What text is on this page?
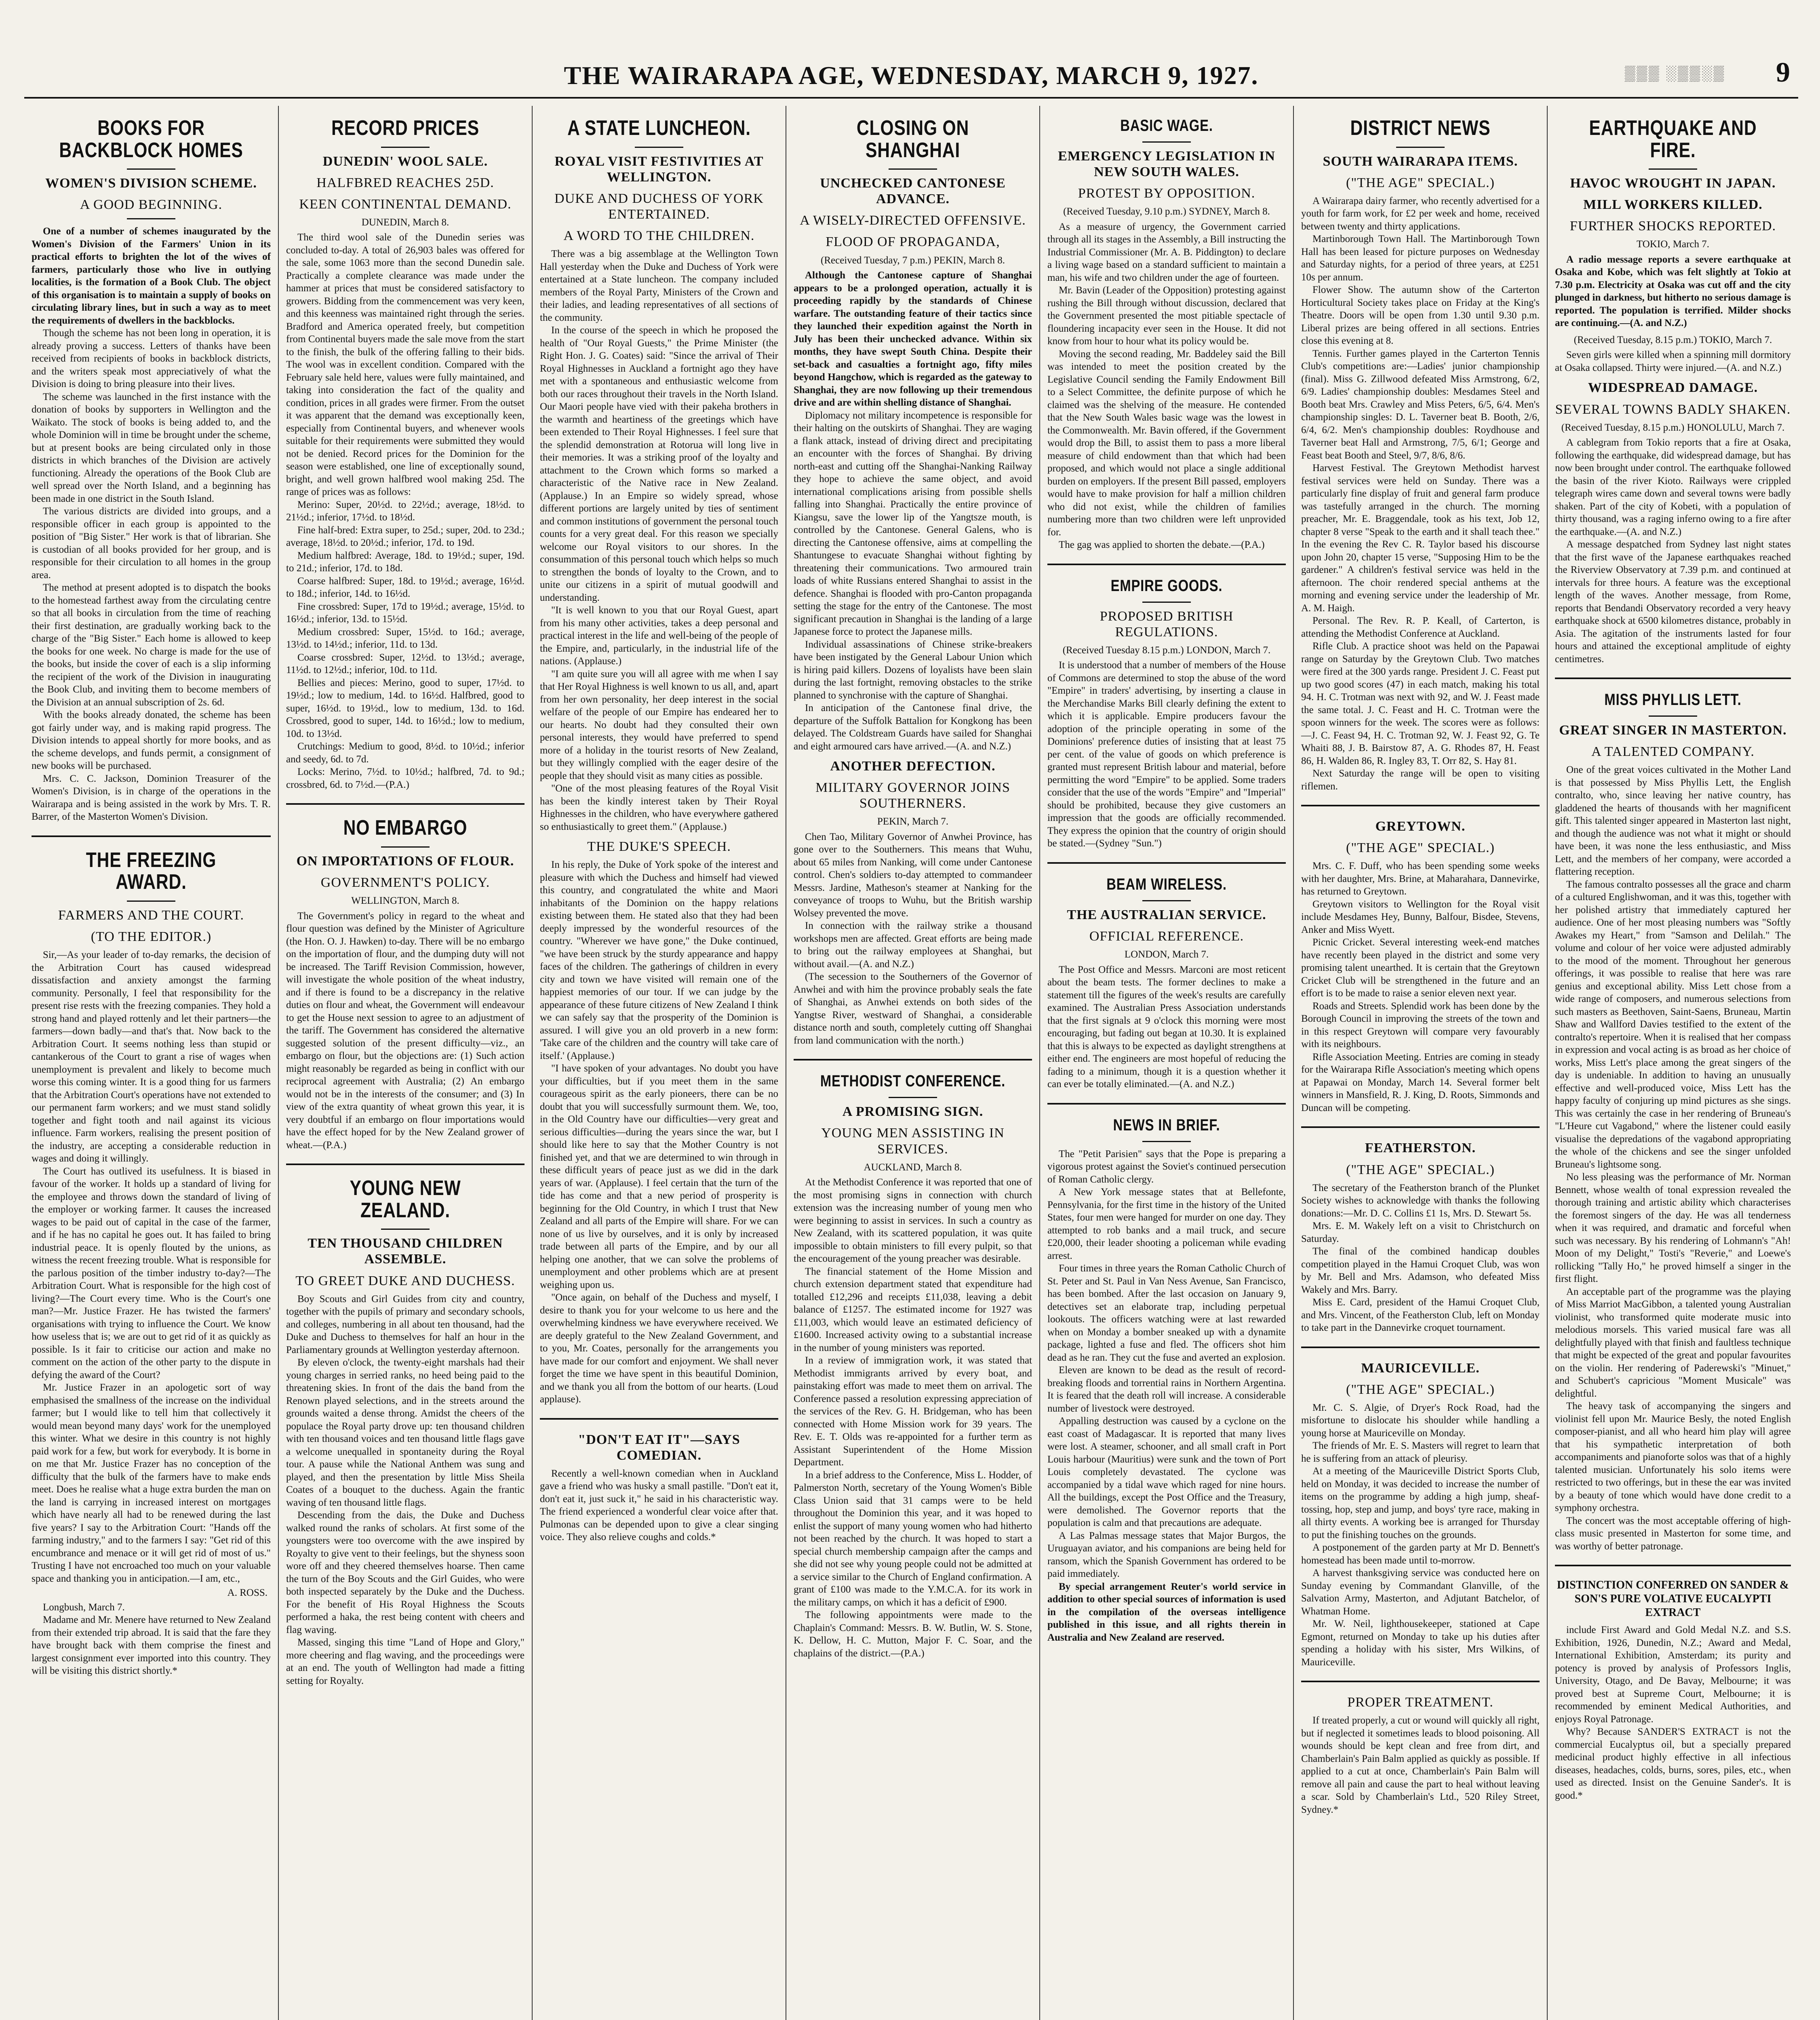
THE WAIRARAPA AGE, WEDNESDAY, MARCH 9, 1927.	▒▒▒ ░▒▒░▒ 9
BOOKS FOR BACKBLOCK HOMES
WOMEN'S DIVISION SCHEME.
A GOOD BEGINNING.

One of a number of schemes inaugurated by the Women's Division of the Farmers' Union in its practical efforts to brighten the lot of the wives of farmers, particularly those who live in outlying localities, is the formation of a Book Club. The object of this organisation is to maintain a supply of books on circulating library lines, but in such a way as to meet the requirements of dwellers in the backblocks.

Though the scheme has not been long in operation, it is already proving a success. Letters of thanks have been received from recipients of books in backblock districts, and the writers speak most appreciatively of what the Division is doing to bring pleasure into their lives.

The scheme was launched in the first instance with the donation of books by supporters in Wellington and the Waikato. The stock of books is being added to, and the whole Dominion will in time be brought under the scheme, but at present books are being circulated only in those districts in which branches of the Division are actively functioning. Already the operations of the Book Club are well spread over the North Island, and a beginning has been made in one district in the South Island.

The various districts are divided into groups, and a responsible officer in each group is appointed to the position of "Big Sister." Her work is that of librarian. She is custodian of all books provided for her group, and is responsible for their circulation to all homes in the group area.

The method at present adopted is to dispatch the books to the homestead farthest away from the circulating centre so that all books in circulation from the time of reaching their first destination, are gradually working back to the charge of the "Big Sister." Each home is allowed to keep the books for one week. No charge is made for the use of the books, but inside the cover of each is a slip informing the recipient of the work of the Division in inaugurating the Book Club, and inviting them to become members of the Division at an annual subscription of 2s. 6d.

With the books already donated, the scheme has been got fairly under way, and is making rapid progress. The Division intends to appeal shortly for more books, and as the scheme develops, and funds permit, a consignment of new books will be purchased.

Mrs. C. C. Jackson, Dominion Treasurer of the Women's Division, is in charge of the operations in the Wairarapa and is being assisted in the work by Mrs. T. R. Barrer, of the Masterton Women's Division.

THE FREEZING AWARD.
FARMERS AND THE COURT.
(TO THE EDITOR.)

Sir,—As your leader of to-day remarks, the decision of the Arbitration Court has caused widespread dissatisfaction and anxiety amongst the farming community. Personally, I feel that responsibility for the present rise rests with the freezing companies. They hold a strong hand and played rottenly and let their partners—the farmers—down badly—and that's that. Now back to the Arbitration Court. It seems nothing less than stupid or cantankerous of the Court to grant a rise of wages when unemployment is prevalent and likely to become much worse this coming winter. It is a good thing for us farmers that the Arbitration Court's operations have not extended to our permanent farm workers; and we must stand solidly together and fight tooth and nail against its vicious influence. Farm workers, realising the present position of the industry, are accepting a considerable reduction in wages and doing it willingly.

The Court has outlived its usefulness. It is biased in favour of the worker. It holds up a standard of living for the employee and throws down the standard of living of the employer or working farmer. It causes the increased wages to be paid out of capital in the case of the farmer, and if he has no capital he goes out. It has failed to bring industrial peace. It is openly flouted by the unions, as witness the recent freezing trouble. What is responsible for the parlous position of the timber industry to-day?—The Arbitration Court. What is responsible for the high cost of living?—The Court every time. Who is the Court's one man?—Mr. Justice Frazer. He has twisted the farmers' organisations with trying to influence the Court. We know how useless that is; we are out to get rid of it as quickly as possible. Is it fair to criticise our action and make no comment on the action of the other party to the dispute in defying the award of the Court?

Mr. Justice Frazer in an apologetic sort of way emphasised the smallness of the increase on the individual farmer; but I would like to tell him that collectively it would mean beyond many days' work for the unemployed this winter. What we desire in this country is not highly paid work for a few, but work for everybody. It is borne in on me that Mr. Justice Frazer has no conception of the difficulty that the bulk of the farmers have to make ends meet. Does he realise what a huge extra burden the man on the land is carrying in increased interest on mortgages which have nearly all had to be renewed during the last five years? I say to the Arbitration Court: "Hands off the farming industry," and to the farmers I say: "Get rid of this encumbrance and menace or it will get rid of most of us." Trusting I have not encroached too much on your valuable space and thanking you in anticipation.—I am, etc.,

A. ROSS.

Longbush, March 7.

Madame and Mr. Menere have returned to New Zealand from their extended trip abroad. It is said that the fare they have brought back with them comprise the finest and largest consignment ever imported into this country. They will be visiting this district shortly.*

RECORD PRICES
DUNEDIN' WOOL SALE.
HALFBRED REACHES 25D.
KEEN CONTINENTAL DEMAND.
DUNEDIN, March 8.

The third wool sale of the Dunedin series was concluded to-day. A total of 26,903 bales was offered for the sale, some 1063 more than the second Dunedin sale. Practically a complete clearance was made under the hammer at prices that must be considered satisfactory to growers. Bidding from the commencement was very keen, and this keenness was maintained right through the series. Bradford and America operated freely, but competition from Continental buyers made the sale move from the start to the finish, the bulk of the offering falling to their bids. The wool was in excellent condition. Compared with the February sale held here, values were fully maintained, and taking into consideration the fact of the quality and condition, prices in all grades were firmer. From the outset it was apparent that the demand was exceptionally keen, especially from Continental buyers, and whenever wools suitable for their requirements were submitted they would not be denied. Record prices for the Dominion for the season were established, one line of exceptionally sound, bright, and well grown halfbred wool making 25d. The range of prices was as follows:

Merino: Super, 20½d. to 22½d.; average, 18½d. to 21½d.; inferior, 17½d. to 18½d.

Fine half-bred: Extra super, to 25d.; super, 20d. to 23d.; average, 18½d. to 20½d.; inferior, 17d. to 19d.

Medium halfbred: Average, 18d. to 19½d.; super, 19d. to 21d.; inferior, 17d. to 18d.

Coarse halfbred: Super, 18d. to 19½d.; average, 16½d. to 18d.; inferior, 14d. to 16½d.

Fine crossbred: Super, 17d to 19½d.; average, 15½d. to 16½d.; inferior, 13d. to 15½d.

Medium crossbred: Super, 15½d. to 16d.; average, 13½d. to 14½d.; inferior, 11d. to 13d.

Coarse crossbred: Super, 12½d. to 13½d.; average, 11½d. to 12½d.; inferior, 10d. to 11d.

Bellies and pieces: Merino, good to super, 17½d. to 19½d.; low to medium, 14d. to 16½d. Halfbred, good to super, 16½d. to 19½d., low to medium, 13d. to 16d. Crossbred, good to super, 14d. to 16½d.; low to medium, 10d. to 13½d.

Crutchings: Medium to good, 8½d. to 10½d.; inferior and seedy, 6d. to 7d.

Locks: Merino, 7½d. to 10½d.; halfbred, 7d. to 9d.; crossbred, 6d. to 7½d.—(P.A.)

NO EMBARGO
ON IMPORTATIONS OF FLOUR.
GOVERNMENT'S POLICY.
WELLINGTON, March 8.

The Government's policy in regard to the wheat and flour question was defined by the Minister of Agriculture (the Hon. O. J. Hawken) to-day. There will be no embargo on the importation of flour, and the dumping duty will not be increased. The Tariff Revision Commission, however, will investigate the whole position of the wheat industry, and if there is found to be a discrepancy in the relative duties on flour and wheat, the Government will endeavour to get the House next session to agree to an adjustment of the tariff. The Government has considered the alternative suggested solution of the present difficulty—viz., an embargo on flour, but the objections are: (1) Such action might reasonably be regarded as being in conflict with our reciprocal agreement with Australia; (2) An embargo would not be in the interests of the consumer; and (3) In view of the extra quantity of wheat grown this year, it is very doubtful if an embargo on flour importations would have the effect hoped for by the New Zealand grower of wheat.—(P.A.)

YOUNG NEW ZEALAND.
TEN THOUSAND CHILDREN ASSEMBLE.
TO GREET DUKE AND DUCHESS.

Boy Scouts and Girl Guides from city and country, together with the pupils of primary and secondary schools, and colleges, numbering in all about ten thousand, had the Duke and Duchess to themselves for half an hour in the Parliamentary grounds at Wellington yesterday afternoon.

By eleven o'clock, the twenty-eight marshals had their young charges in serried ranks, no heed being paid to the threatening skies. In front of the dais the band from the Renown played selections, and in the streets around the grounds waited a dense throng. Amidst the cheers of the populace the Royal party drove up: ten thousand children with ten thousand voices and ten thousand little flags gave a welcome unequalled in spontaneity during the Royal tour. A pause while the National Anthem was sung and played, and then the presentation by little Miss Sheila Coates of a bouquet to the duchess. Again the frantic waving of ten thousand little flags.

Descending from the dais, the Duke and Duchess walked round the ranks of scholars. At first some of the youngsters were too overcome with the awe inspired by Royalty to give vent to their feelings, but the shyness soon wore off and they cheered themselves hoarse. Then came the turn of the Boy Scouts and the Girl Guides, who were both inspected separately by the Duke and the Duchess. For the benefit of His Royal Highness the Scouts performed a haka, the rest being content with cheers and flag waving.

Massed, singing this time "Land of Hope and Glory," more cheering and flag waving, and the proceedings were at an end. The youth of Wellington had made a fitting setting for Royalty.

A STATE LUNCHEON.
ROYAL VISIT FESTIVITIES AT WELLINGTON.
DUKE AND DUCHESS OF YORK ENTERTAINED.
A WORD TO THE CHILDREN.

There was a big assemblage at the Wellington Town Hall yesterday when the Duke and Duchess of York were entertained at a State luncheon. The company included members of the Royal Party, Ministers of the Crown and their ladies, and leading representatives of all sections of the community.

In the course of the speech in which he proposed the health of "Our Royal Guests," the Prime Minister (the Right Hon. J. G. Coates) said: "Since the arrival of Their Royal Highnesses in Auckland a fortnight ago they have met with a spontaneous and enthusiastic welcome from both our races throughout their travels in the North Island. Our Maori people have vied with their pakeha brothers in the warmth and heartiness of the greetings which have been extended to Their Royal Highnesses. I feel sure that the splendid demonstration at Rotorua will long live in their memories. It was a striking proof of the loyalty and attachment to the Crown which forms so marked a characteristic of the Native race in New Zealand. (Applause.) In an Empire so widely spread, whose different portions are largely united by ties of sentiment and common institutions of government the personal touch counts for a very great deal. For this reason we specially welcome our Royal visitors to our shores. In the consummation of this personal touch which helps so much to strengthen the bonds of loyalty to the Crown, and to unite our citizens in a spirit of mutual goodwill and understanding.

"It is well known to you that our Royal Guest, apart from his many other activities, takes a deep personal and practical interest in the life and well-being of the people of the Empire, and, particularly, in the industrial life of the nations. (Applause.)

"I am quite sure you will all agree with me when I say that Her Royal Highness is well known to us all, and, apart from her own personality, her deep interest in the social welfare of the people of our Empire has endeared her to our hearts. No doubt had they consulted their own personal interests, they would have preferred to spend more of a holiday in the tourist resorts of New Zealand, but they willingly complied with the eager desire of the people that they should visit as many cities as possible.

"One of the most pleasing features of the Royal Visit has been the kindly interest taken by Their Royal Highnesses in the children, who have everywhere gathered so enthusiastically to greet them." (Applause.)

THE DUKE'S SPEECH.

In his reply, the Duke of York spoke of the interest and pleasure with which the Duchess and himself had viewed this country, and congratulated the white and Maori inhabitants of the Dominion on the happy relations existing between them. He stated also that they had been deeply impressed by the wonderful resources of the country. "Wherever we have gone," the Duke continued, "we have been struck by the sturdy appearance and happy faces of the children. The gatherings of children in every city and town we have visited will remain one of the happiest memories of our tour. If we can judge by the appearance of these future citizens of New Zealand I think we can safely say that the prosperity of the Dominion is assured. I will give you an old proverb in a new form: 'Take care of the children and the country will take care of itself.' (Applause.)

"I have spoken of your advantages. No doubt you have your difficulties, but if you meet them in the same courageous spirit as the early pioneers, there can be no doubt that you will successfully surmount them. We, too, in the Old Country have our difficulties—very great and serious difficulties—during the years since the war, but I should like here to say that the Mother Country is not finished yet, and that we are determined to win through in these difficult years of peace just as we did in the dark years of war. (Applause). I feel certain that the turn of the tide has come and that a new period of prosperity is beginning for the Old Country, in which I trust that New Zealand and all parts of the Empire will share. For we can none of us live by ourselves, and it is only by increased trade between all parts of the Empire, and by our all helping one another, that we can solve the problems of unemployment and other problems which are at present weighing upon us.

"Once again, on behalf of the Duchess and myself, I desire to thank you for your welcome to us here and the overwhelming kindness we have everywhere received. We are deeply grateful to the New Zealand Government, and to you, Mr. Coates, personally for the arrangements you have made for our comfort and enjoyment. We shall never forget the time we have spent in this beautiful Dominion, and we thank you all from the bottom of our hearts. (Loud applause).

"DON'T EAT IT"—SAYS COMEDIAN.

Recently a well-known comedian when in Auckland gave a friend who was husky a small pastille. "Don't eat it, don't eat it, just suck it," he said in his characteristic way. The friend experienced a wonderful clear voice after that. Pulmonas can be depended upon to give a clear singing voice. They also relieve coughs and colds.*

CLOSING ON SHANGHAI
UNCHECKED CANTONESE ADVANCE.
A WISELY-DIRECTED OFFENSIVE.
FLOOD OF PROPAGANDA,
(Received Tuesday, 7 p.m.) PEKIN, March 8.

Although the Cantonese capture of Shanghai appears to be a prolonged operation, actually it is proceeding rapidly by the standards of Chinese warfare. The outstanding feature of their tactics since they launched their expedition against the North in July has been their unchecked advance. Within six months, they have swept South China. Despite their set-back and casualties a fortnight ago, fifty miles beyond Hangchow, which is regarded as the gateway to Shanghai, they are now following up their tremendous drive and are within shelling distance of Shanghai.

Diplomacy not military incompetence is responsible for their halting on the outskirts of Shanghai. They are waging a flank attack, instead of driving direct and precipitating an encounter with the forces of Shanghai. By driving north-east and cutting off the Shanghai-Nanking Railway they hope to achieve the same object, and avoid international complications arising from possible shells falling into Shanghai. Practically the entire province of Kiangsu, save the lower lip of the Yangtsze mouth, is controlled by the Cantonese. General Galens, who is directing the Cantonese offensive, aims at compelling the Shantungese to evacuate Shanghai without fighting by threatening their communications. Two armoured train loads of white Russians entered Shanghai to assist in the defence. Shanghai is flooded with pro-Canton propaganda setting the stage for the entry of the Cantonese. The most significant precaution in Shanghai is the landing of a large Japanese force to protect the Japanese mills.

Individual assassinations of Chinese strike-breakers have been instigated by the General Labour Union which is hiring paid killers. Dozens of loyalists have been slain during the last fortnight, removing obstacles to the strike planned to synchronise with the capture of Shanghai.

In anticipation of the Cantonese final drive, the departure of the Suffolk Battalion for Kongkong has been delayed. The Coldstream Guards have sailed for Shanghai and eight armoured cars have arrived.—(A. and N.Z.)

ANOTHER DEFECTION.
MILITARY GOVERNOR JOINS SOUTHERNERS.
PEKIN, March 7.

Chen Tao, Military Governor of Anwhei Province, has gone over to the Southerners. This means that Wuhu, about 65 miles from Nanking, will come under Cantonese control. Chen's soldiers to-day attempted to commandeer Messrs. Jardine, Matheson's steamer at Nanking for the conveyance of troops to Wuhu, but the British warship Wolsey prevented the move.

In connection with the railway strike a thousand workshops men are affected. Great efforts are being made to bring out the railway employees at Shanghai, but without avail.—(A. and N.Z.)

(The secession to the Southerners of the Governor of Anwhei and with him the province probably seals the fate of Shanghai, as Anwhei extends on both sides of the Yangtse River, westward of Shanghai, a considerable distance north and south, completely cutting off Shanghai from land communication with the north.)

METHODIST CONFERENCE.
A PROMISING SIGN.
YOUNG MEN ASSISTING IN SERVICES.
AUCKLAND, March 8.

At the Methodist Conference it was reported that one of the most promising signs in connection with church extension was the increasing number of young men who were beginning to assist in services. In such a country as New Zealand, with its scattered population, it was quite impossible to obtain ministers to fill every pulpit, so that the encouragement of the young preacher was desirable.

The financial statement of the Home Mission and church extension department stated that expenditure had totalled £12,296 and receipts £11,038, leaving a debit balance of £1257. The estimated income for 1927 was £11,003, which would leave an estimated deficiency of £1600. Increased activity owing to a substantial increase in the number of young ministers was reported.

In a review of immigration work, it was stated that Methodist immigrants arrived by every boat, and painstaking effort was made to meet them on arrival. The Conference passed a resolution expressing appreciation of the services of the Rev. G. H. Bridgeman, who has been connected with Home Mission work for 39 years. The Rev. E. T. Olds was re-appointed for a further term as Assistant Superintendent of the Home Mission Department.

In a brief address to the Conference, Miss L. Hodder, of Palmerston North, secretary of the Young Women's Bible Class Union said that 31 camps were to be held throughout the Dominion this year, and it was hoped to enlist the support of many young women who had hitherto not been reached by the church. It was hoped to start a special church membership campaign after the camps and she did not see why young people could not be admitted at a service similar to the Church of England confirmation. A grant of £100 was made to the Y.M.C.A. for its work in the military camps, on which it has a deficit of £900.

The following appointments were made to the Chaplain's Command: Messrs. B. W. Butlin, W. S. Stone, K. Dellow, H. C. Mutton, Major F. C. Soar, and the chaplains of the district.—(P.A.)

BASIC WAGE.
EMERGENCY LEGISLATION IN NEW SOUTH WALES.
PROTEST BY OPPOSITION.
(Received Tuesday, 9.10 p.m.) SYDNEY, March 8.

As a measure of urgency, the Government carried through all its stages in the Assembly, a Bill instructing the Industrial Commissioner (Mr. A. B. Piddington) to declare a living wage based on a standard sufficient to maintain a man, his wife and two children under the age of fourteen.

Mr. Bavin (Leader of the Opposition) protesting against rushing the Bill through without discussion, declared that the Government presented the most pitiable spectacle of floundering incapacity ever seen in the House. It did not know from hour to hour what its policy would be.

Moving the second reading, Mr. Baddeley said the Bill was intended to meet the position created by the Legislative Council sending the Family Endowment Bill to a Select Committee, the definite purpose of which he claimed was the shelving of the measure. He contended that the New South Wales basic wage was the lowest in the Commonwealth. Mr. Bavin offered, if the Government would drop the Bill, to assist them to pass a more liberal measure of child endowment than that which had been proposed, and which would not place a single additional burden on employers. If the present Bill passed, employers would have to make provision for half a million children who did not exist, while the children of families numbering more than two children were left unprovided for.

The gag was applied to shorten the debate.—(P.A.)

EMPIRE GOODS.
PROPOSED BRITISH REGULATIONS.
(Received Tuesday 8.15 p.m.) LONDON, March 7.

It is understood that a number of members of the House of Commons are determined to stop the abuse of the word "Empire" in traders' advertising, by inserting a clause in the Merchandise Marks Bill clearly defining the extent to which it is applicable. Empire producers favour the adoption of the principle operating in some of the Dominions' preference duties of insisting that at least 75 per cent. of the value of goods on which preference is granted must represent British labour and material, before permitting the word "Empire" to be applied. Some traders consider that the use of the words "Empire" and "Imperial" should be prohibited, because they give customers an impression that the goods are officially recommended. They express the opinion that the country of origin should be stated.—(Sydney "Sun.")

BEAM WIRELESS.
THE AUSTRALIAN SERVICE.
OFFICIAL REFERENCE.
LONDON, March 7.

The Post Office and Messrs. Marconi are most reticent about the beam tests. The former declines to make a statement till the figures of the week's results are carefully examined. The Australian Press Association understands that the first signals at 9 o'clock this morning were most encouraging, but fading out began at 10.30. It is explained that this is always to be expected as daylight strengthens at either end. The engineers are most hopeful of reducing the fading to a minimum, though it is a question whether it can ever be totally eliminated.—(A. and N.Z.)

NEWS IN BRIEF.

The "Petit Parisien" says that the Pope is preparing a vigorous protest against the Soviet's continued persecution of Roman Catholic clergy.

A New York message states that at Bellefonte, Pennsylvania, for the first time in the history of the United States, four men were hanged for murder on one day. They attempted to rob banks and a mail truck, and secure £20,000, their leader shooting a policeman while evading arrest.

Four times in three years the Roman Catholic Church of St. Peter and St. Paul in Van Ness Avenue, San Francisco, has been bombed. After the last occasion on January 9, detectives set an elaborate trap, including perpetual lookouts. The officers watching were at last rewarded when on Monday a bomber sneaked up with a dynamite package, lighted a fuse and fled. The officers shot him dead as he ran. They cut the fuse and averted an explosion.

Eleven are known to be dead as the result of record-breaking floods and torrential rains in Northern Argentina. It is feared that the death roll will increase. A considerable number of livestock were destroyed.

Appalling destruction was caused by a cyclone on the east coast of Madagascar. It is reported that many lives were lost. A steamer, schooner, and all small craft in Port Louis harbour (Mauritius) were sunk and the town of Port Louis completely devastated. The cyclone was accompanied by a tidal wave which raged for nine hours. All the buildings, except the Post Office and the Treasury, were demolished. The Governor reports that the population is calm and that precautions are adequate.

A Las Palmas message states that Major Burgos, the Uruguayan aviator, and his companions are being held for ransom, which the Spanish Government has ordered to be paid immediately.

By special arrangement Reuter's world service in addition to other special sources of information is used in the compilation of the overseas intelligence published in this issue, and all rights therein in Australia and New Zealand are reserved.

DISTRICT NEWS
SOUTH WAIRARAPA ITEMS.
("THE AGE" SPECIAL.)

A Wairarapa dairy farmer, who recently advertised for a youth for farm work, for £2 per week and home, received between twenty and thirty applications.

Martinborough Town Hall. The Martinborough Town Hall has been leased for picture purposes on Wednesday and Saturday nights, for a period of three years, at £251 10s per annum.

Flower Show. The autumn show of the Carterton Horticultural Society takes place on Friday at the King's Theatre. Doors will be open from 1.30 until 9.30 p.m. Liberal prizes are being offered in all sections. Entries close this evening at 8.

Tennis. Further games played in the Carterton Tennis Club's competitions are:—Ladies' junior championship (final). Miss G. Zillwood defeated Miss Armstrong, 6/2, 6/9. Ladies' championship doubles: Mesdames Steel and Booth beat Mrs. Crawley and Miss Peters, 6/5, 6/4. Men's championship singles: D. L. Taverner beat B. Booth, 2/6, 6/4, 6/2. Men's championship doubles: Roydhouse and Taverner beat Hall and Armstrong, 7/5, 6/1; George and Feast beat Booth and Steel, 9/7, 8/6, 8/6.

Harvest Festival. The Greytown Methodist harvest festival services were held on Sunday. There was a particularly fine display of fruit and general farm produce was tastefully arranged in the church. The morning preacher, Mr. E. Braggendale, took as his text, Job 12, chapter 8 verse "Speak to the earth and it shall teach thee." In the evening the Rev C. R. Taylor based his discourse upon John 20, chapter 15 verse, "Supposing Him to be the gardener." A children's festival service was held in the afternoon. The choir rendered special anthems at the morning and evening service under the leadership of Mr. A. M. Haigh.

Personal. The Rev. R. P. Keall, of Carterton, is attending the Methodist Conference at Auckland.

Rifle Club. A practice shoot was held on the Papawai range on Saturday by the Greytown Club. Two matches were fired at the 300 yards range. President J. C. Feast put up two good scores (47) in each match, making his total 94. H. C. Trotman was next with 92, and W. J. Feast made the same total. J. C. Feast and H. C. Trotman were the spoon winners for the week. The scores were as follows:—J. C. Feast 94, H. C. Trotman 92, W. J. Feast 92, G. Te Whaiti 88, J. B. Bairstow 87, A. G. Rhodes 87, H. Feast 86, H. Walden 86, R. Ingley 83, T. Orr 82, S. Hay 81.

Next Saturday the range will be open to visiting riflemen.

GREYTOWN.
("THE AGE" SPECIAL.)

Mrs. C. F. Duff, who has been spending some weeks with her daughter, Mrs. Brine, at Maharahara, Dannevirke, has returned to Greytown.

Greytown visitors to Wellington for the Royal visit include Mesdames Hey, Bunny, Balfour, Bisdee, Stevens, Anker and Miss Wyett.

Picnic Cricket. Several interesting week-end matches have recently been played in the district and some very promising talent unearthed. It is certain that the Greytown Cricket Club will be strengthened in the future and an effort is to be made to raise a senior eleven next year.

Roads and Streets. Splendid work has been done by the Borough Council in improving the streets of the town and in this respect Greytown will compare very favourably with its neighbours.

Rifle Association Meeting. Entries are coming in steady for the Wairarapa Rifle Association's meeting which opens at Papawai on Monday, March 14. Several former belt winners in Mansfield, R. J. King, D. Roots, Simmonds and Duncan will be competing.

FEATHERSTON.
("THE AGE" SPECIAL.)

The secretary of the Featherston branch of the Plunket Society wishes to acknowledge with thanks the following donations:—Mr. D. C. Collins £1 1s, Mrs. D. Stewart 5s.

Mrs. E. M. Wakely left on a visit to Christchurch on Saturday.

The final of the combined handicap doubles competition played in the Hamui Croquet Club, was won by Mr. Bell and Mrs. Adamson, who defeated Miss Wakely and Mrs. Barry.

Miss E. Card, president of the Hamui Croquet Club, and Mrs. Vincent, of the Featherston Club, left on Monday to take part in the Dannevirke croquet tournament.

MAURICEVILLE.
("THE AGE" SPECIAL.)

Mr. C. S. Algie, of Dryer's Rock Road, had the misfortune to dislocate his shoulder while handling a young horse at Mauriceville on Monday.

The friends of Mr. E. S. Masters will regret to learn that he is suffering from an attack of pleurisy.

At a meeting of the Mauriceville District Sports Club, held on Monday, it was decided to increase the number of items on the programme by adding a high jump, sheaf-tossing, hop, step and jump, and boys' tyre race, making in all thirty events. A working bee is arranged for Thursday to put the finishing touches on the grounds.

A postponement of the garden party at Mr D. Bennett's homestead has been made until to-morrow.

A harvest thanksgiving service was conducted here on Sunday evening by Commandant Glanville, of the Salvation Army, Masterton, and Adjutant Batchelor, of Whatman Home.

Mr. W. Neil, lighthousekeeper, stationed at Cape Egmont, returned on Monday to take up his duties after spending a holiday with his sister, Mrs Wilkins, of Mauriceville.

PROPER TREATMENT.

If treated properly, a cut or wound will quickly all right, but if neglected it sometimes leads to blood poisoning. All wounds should be kept clean and free from dirt, and Chamberlain's Pain Balm applied as quickly as possible. If applied to a cut at once, Chamberlain's Pain Balm will remove all pain and cause the part to heal without leaving a scar. Sold by Chamberlain's Ltd., 520 Riley Street, Sydney.*

EARTHQUAKE AND FIRE.
HAVOC WROUGHT IN JAPAN.
MILL WORKERS KILLED.
FURTHER SHOCKS REPORTED.
TOKIO, March 7.

A radio message reports a severe earthquake at Osaka and Kobe, which was felt slightly at Tokio at 7.30 p.m. Electricity at Osaka was cut off and the city plunged in darkness, but hitherto no serious damage is reported. The population is terrified. Milder shocks are continuing.—(A. and N.Z.)

(Received Tuesday, 8.15 p.m.) TOKIO, March 7.

Seven girls were killed when a spinning mill dormitory at Osaka collapsed. Thirty were injured.—(A. and N.Z.)

WIDESPREAD DAMAGE.
SEVERAL TOWNS BADLY SHAKEN.
(Received Tuesday, 8.15 p.m.) HONOLULU, March 7.

A cablegram from Tokio reports that a fire at Osaka, following the earthquake, did widespread damage, but has now been brought under control. The earthquake followed the basin of the river Kioto. Railways were crippled telegraph wires came down and several towns were badly shaken. Part of the city of Kobeti, with a population of thirty thousand, was a raging inferno owing to a fire after the earthquake.—(A. and N.Z.)

A message despatched from Sydney last night states that the first wave of the Japanese earthquakes reached the Riverview Observatory at 7.39 p.m. and continued at intervals for three hours. A feature was the exceptional length of the waves. Another message, from Rome, reports that Bendandi Observatory recorded a very heavy earthquake shock at 6500 kilometres distance, probably in Asia. The agitation of the instruments lasted for four hours and attained the exceptional amplitude of eighty centimetres.

MISS PHYLLIS LETT.
GREAT SINGER IN MASTERTON.
A TALENTED COMPANY.

One of the great voices cultivated in the Mother Land is that possessed by Miss Phyllis Lett, the English contralto, who, since leaving her native country, has gladdened the hearts of thousands with her magnificent gift. This talented singer appeared in Masterton last night, and though the audience was not what it might or should have been, it was none the less enthusiastic, and Miss Lett, and the members of her company, were accorded a flattering reception.

The famous contralto possesses all the grace and charm of a cultured Englishwoman, and it was this, together with her polished artistry that immediately captured her audience. One of her most pleasing numbers was "Softly Awakes my Heart," from "Samson and Delilah." The volume and colour of her voice were adjusted admirably to the mood of the moment. Throughout her generous offerings, it was possible to realise that here was rare genius and exceptional ability. Miss Lett chose from a wide range of composers, and numerous selections from such masters as Beethoven, Saint-Saens, Bruneau, Martin Shaw and Wallford Davies testified to the extent of the contralto's repertoire. When it is realised that her compass in expression and vocal acting is as broad as her choice of works, Miss Lett's place among the great singers of the day is undeniable. In addition to having an unusually effective and well-produced voice, Miss Lett has the happy faculty of conjuring up mind pictures as she sings. This was certainly the case in her rendering of Bruneau's "L'Heure cut Vagabond," where the listener could easily visualise the depredations of the vagabond appropriating the whole of the chickens and see the singer unfolded Bruneau's lightsome song.

No less pleasing was the performance of Mr. Norman Bennett, whose wealth of tonal expression revealed the thorough training and artistic ability which characterises the foremost singers of the day. He was all tenderness when it was required, and dramatic and forceful when such was necessary. By his rendering of Lohmann's "Ah! Moon of my Delight," Tosti's "Reverie," and Loewe's rollicking "Tally Ho," he proved himself a singer in the first flight.

An acceptable part of the programme was the playing of Miss Marriot MacGibbon, a talented young Australian violinist, who transformed quite moderate music into melodious morsels. This varied musical fare was all delightfully played with that finish and faultless technique that might be expected of the great and popular favourites on the violin. Her rendering of Paderewski's "Minuet," and Schubert's capricious "Moment Musicale" was delightful.

The heavy task of accompanying the singers and violinist fell upon Mr. Maurice Besly, the noted English composer-pianist, and all who heard him play will agree that his sympathetic interpretation of both accompaniments and pianoforte solos was that of a highly talented musician. Unfortunately his solo items were restricted to two offerings, but in these the ear was invited by a beauty of tone which would have done credit to a symphony orchestra.

The concert was the most acceptable offering of high-class music presented in Masterton for some time, and was worthy of better patronage.

DISTINCTION CONFERRED ON SANDER & SON'S PURE VOLATIVE EUCALYPTI EXTRACT

include First Award and Gold Medal N.Z. and S.S. Exhibition, 1926, Dunedin, N.Z.; Award and Medal, International Exhibition, Amsterdam; its purity and potency is proved by analysis of Professors Inglis, University, Otago, and De Bavay, Melbourne; it was proved best at Supreme Court, Melbourne; it is recommended by eminent Medical Authorities, and enjoys Royal Patronage.

Why? Because SANDER'S EXTRACT is not the commercial Eucalyptus oil, but a specially prepared medicinal product highly effective in all infectious diseases, headaches, colds, burns, sores, piles, etc., when used as directed. Insist on the Genuine Sander's. It is good.*
